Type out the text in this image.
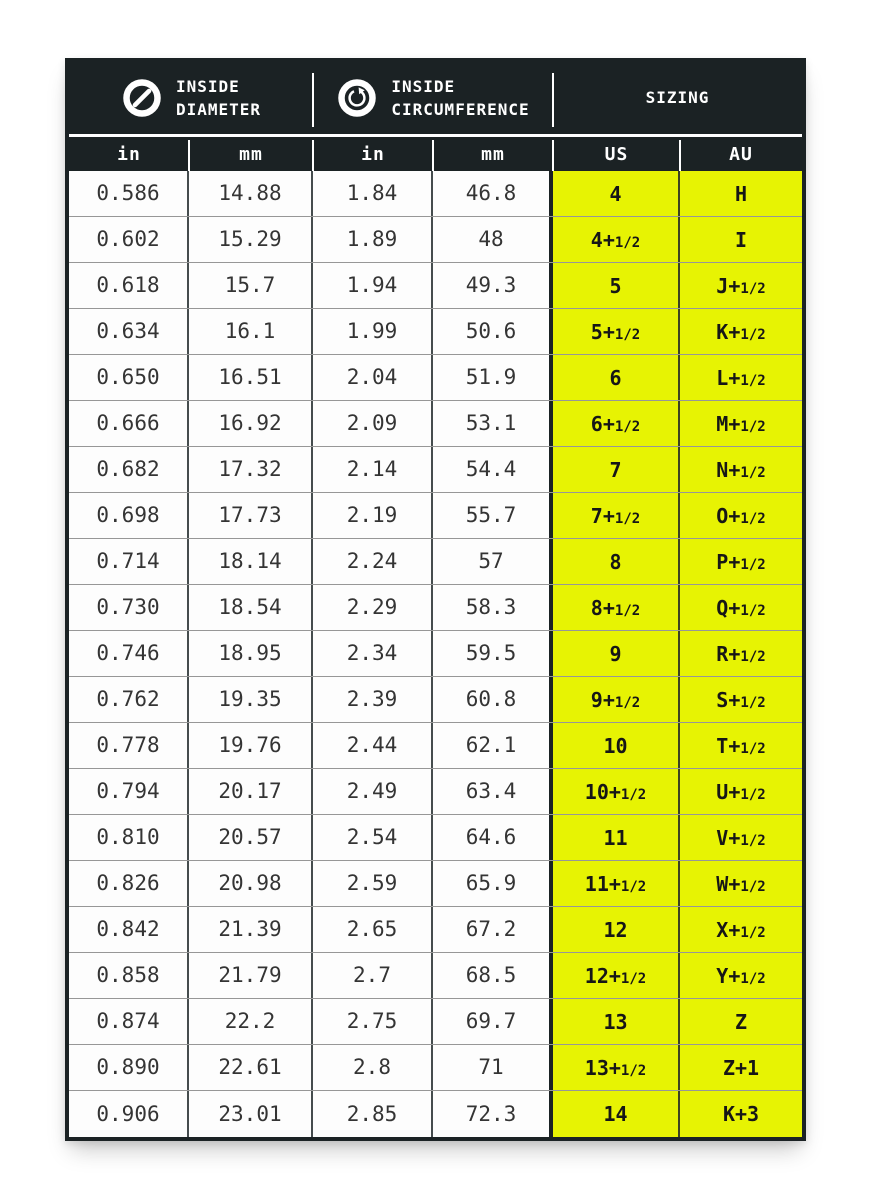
INSIDE DIAMETER
INSIDE CIRCUMFERENCE
SIZING
in	mm	in	mm	US	AU
0.586	14.88	1.84	46.8	4	H
0.602	15.29	1.89	48	4+1/2	I
0.618	15.7	1.94	49.3	5	J+1/2
0.634	16.1	1.99	50.6	5+1/2	K+1/2
0.650	16.51	2.04	51.9	6	L+1/2
0.666	16.92	2.09	53.1	6+1/2	M+1/2
0.682	17.32	2.14	54.4	7	N+1/2
0.698	17.73	2.19	55.7	7+1/2	O+1/2
0.714	18.14	2.24	57	8	P+1/2
0.730	18.54	2.29	58.3	8+1/2	Q+1/2
0.746	18.95	2.34	59.5	9	R+1/2
0.762	19.35	2.39	60.8	9+1/2	S+1/2
0.778	19.76	2.44	62.1	10	T+1/2
0.794	20.17	2.49	63.4	10+1/2	U+1/2
0.810	20.57	2.54	64.6	11	V+1/2
0.826	20.98	2.59	65.9	11+1/2	W+1/2
0.842	21.39	2.65	67.2	12	X+1/2
0.858	21.79	2.7	68.5	12+1/2	Y+1/2
0.874	22.2	2.75	69.7	13	Z
0.890	22.61	2.8	71	13+1/2	Z+1
0.906	23.01	2.85	72.3	14	K+3
